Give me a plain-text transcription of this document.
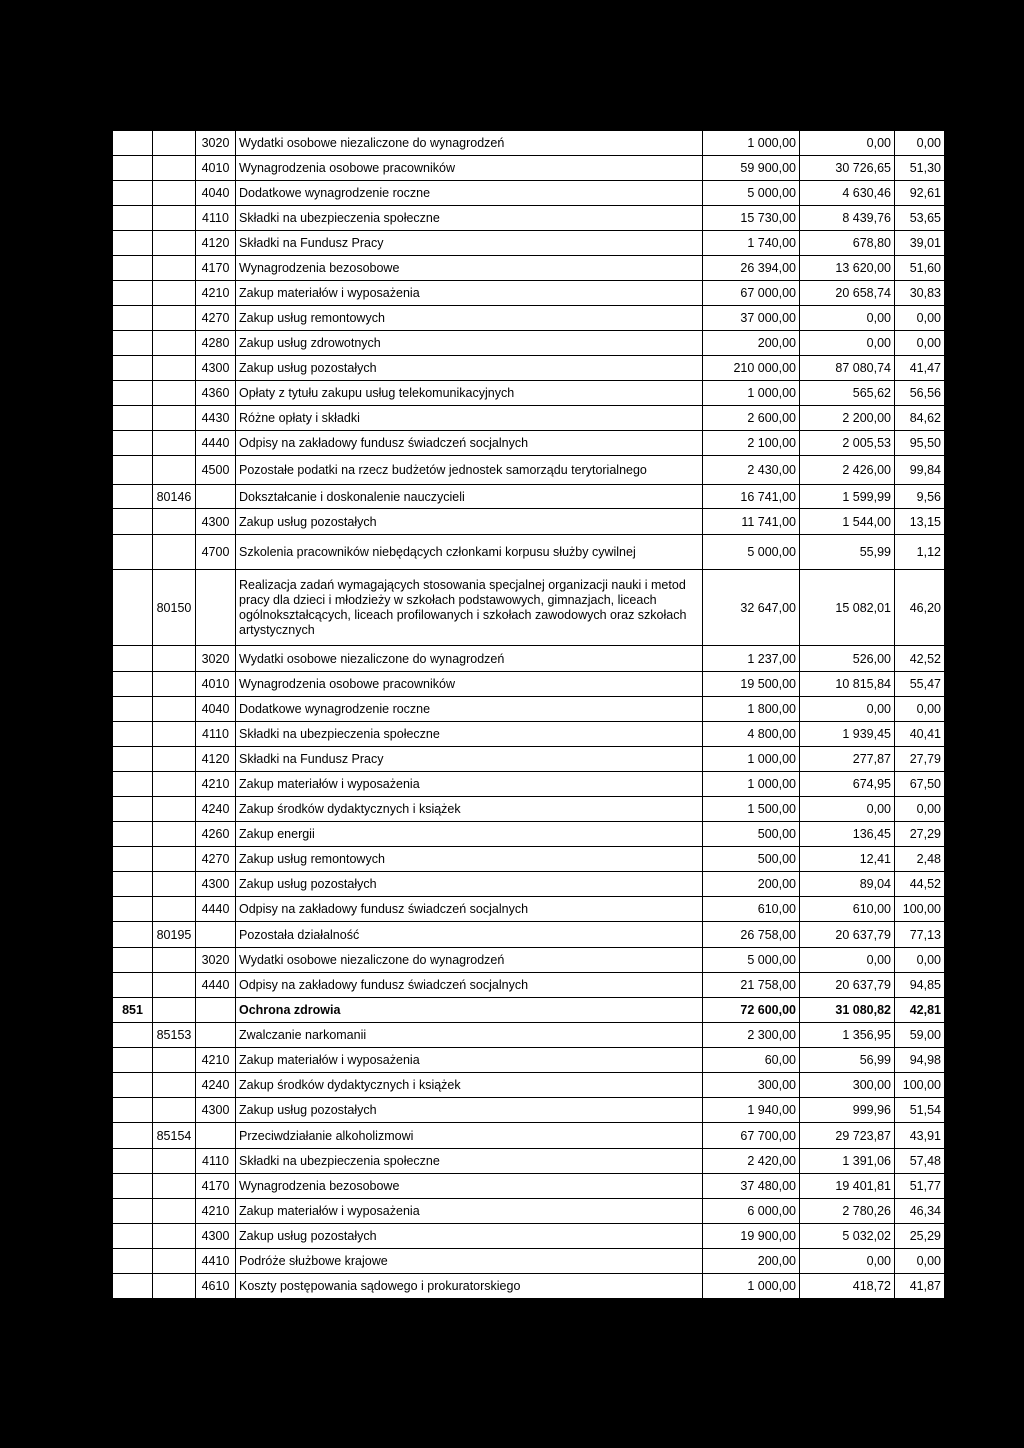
		3020	Wydatki osobowe niezaliczone do wynagrodzeń	1 000,00	0,00	0,00
		4010	Wynagrodzenia osobowe pracowników	59 900,00	30 726,65	51,30
		4040	Dodatkowe wynagrodzenie roczne	5 000,00	4 630,46	92,61
		4110	Składki na ubezpieczenia społeczne	15 730,00	8 439,76	53,65
		4120	Składki na Fundusz Pracy	1 740,00	678,80	39,01
		4170	Wynagrodzenia bezosobowe	26 394,00	13 620,00	51,60
		4210	Zakup materiałów i wyposażenia	67 000,00	20 658,74	30,83
		4270	Zakup usług remontowych	37 000,00	0,00	0,00
		4280	Zakup usług zdrowotnych	200,00	0,00	0,00
		4300	Zakup usług pozostałych	210 000,00	87 080,74	41,47
		4360	Opłaty z tytułu zakupu usług telekomunikacyjnych	1 000,00	565,62	56,56
		4430	Różne opłaty i składki	2 600,00	2 200,00	84,62
		4440	Odpisy na zakładowy fundusz świadczeń socjalnych	2 100,00	2 005,53	95,50
		4500	Pozostałe podatki na rzecz budżetów jednostek samorządu terytorialnego	2 430,00	2 426,00	99,84
	80146		Dokształcanie i doskonalenie nauczycieli	16 741,00	1 599,99	9,56
		4300	Zakup usług pozostałych	11 741,00	1 544,00	13,15
		4700	Szkolenia pracowników niebędących członkami korpusu służby cywilnej	5 000,00	55,99	1,12
	80150		Realizacja zadań wymagających stosowania specjalnej organizacji nauki i metod pracy dla dzieci i młodzieży w szkołach podstawowych, gimnazjach, liceach ogólnokształcących, liceach profilowanych i szkołach zawodowych oraz szkołach artystycznych	32 647,00	15 082,01	46,20
		3020	Wydatki osobowe niezaliczone do wynagrodzeń	1 237,00	526,00	42,52
		4010	Wynagrodzenia osobowe pracowników	19 500,00	10 815,84	55,47
		4040	Dodatkowe wynagrodzenie roczne	1 800,00	0,00	0,00
		4110	Składki na ubezpieczenia społeczne	4 800,00	1 939,45	40,41
		4120	Składki na Fundusz Pracy	1 000,00	277,87	27,79
		4210	Zakup materiałów i wyposażenia	1 000,00	674,95	67,50
		4240	Zakup środków dydaktycznych i książek	1 500,00	0,00	0,00
		4260	Zakup energii	500,00	136,45	27,29
		4270	Zakup usług remontowych	500,00	12,41	2,48
		4300	Zakup usług pozostałych	200,00	89,04	44,52
		4440	Odpisy na zakładowy fundusz świadczeń socjalnych	610,00	610,00	100,00
	80195		Pozostała działalność	26 758,00	20 637,79	77,13
		3020	Wydatki osobowe niezaliczone do wynagrodzeń	5 000,00	0,00	0,00
		4440	Odpisy na zakładowy fundusz świadczeń socjalnych	21 758,00	20 637,79	94,85
851			Ochrona zdrowia	72 600,00	31 080,82	42,81
	85153		Zwalczanie narkomanii	2 300,00	1 356,95	59,00
		4210	Zakup materiałów i wyposażenia	60,00	56,99	94,98
		4240	Zakup środków dydaktycznych i książek	300,00	300,00	100,00
		4300	Zakup usług pozostałych	1 940,00	999,96	51,54
	85154		Przeciwdziałanie alkoholizmowi	67 700,00	29 723,87	43,91
		4110	Składki na ubezpieczenia społeczne	2 420,00	1 391,06	57,48
		4170	Wynagrodzenia bezosobowe	37 480,00	19 401,81	51,77
		4210	Zakup materiałów i wyposażenia	6 000,00	2 780,26	46,34
		4300	Zakup usług pozostałych	19 900,00	5 032,02	25,29
		4410	Podróże służbowe krajowe	200,00	0,00	0,00
		4610	Koszty postępowania sądowego i prokuratorskiego	1 000,00	418,72	41,87
Id: 6B344F4D-38E4-4290-87A9-D4E34FD54774. Podpisany	Strona 5
